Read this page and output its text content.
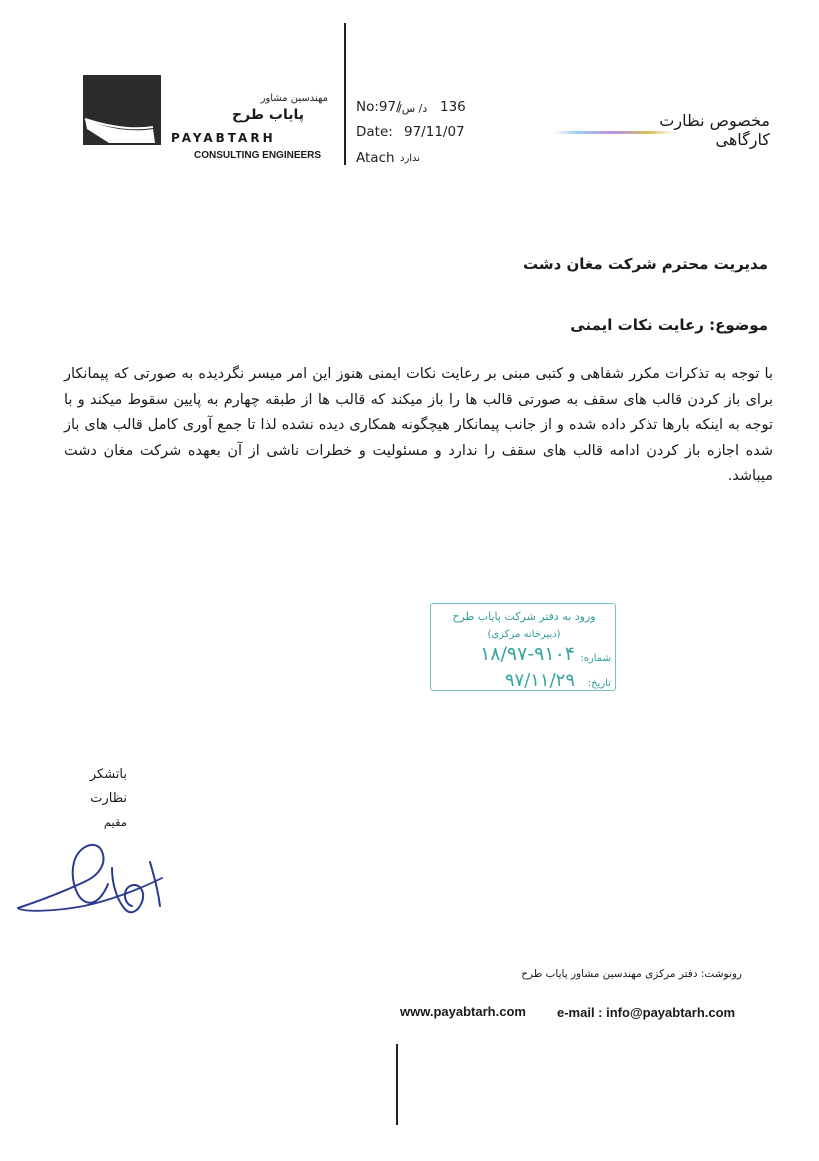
مهندسین مشاور
پایاب طرح
PAYABTARH
CONSULTING ENGINEERS
No:97/
د/ س/ 136
Date: 97/11/07
Atach ندارد
مخصوص نظارت کارگاهی
مدیریت محترم شرکت مغان دشت
موضوع: رعایت نکات ایمنی
با توجه به تذکرات مکرر شفاهی و کتبی مبنی بر رعایت نکات ایمنی هنوز این امر میسر نگردیده به صورتی که پیمانکار برای باز کردن قالب های سقف به صورتی قالب ها را باز میکند که قالب ها از طبقه چهارم به پایین سقوط میکند و با توجه به اینکه بارها تذکر داده شده و از جانب پیمانکار هیچگونه همکاری دیده نشده لذا تا جمع آوری کامل قالب های باز شده اجازه باز کردن ادامه قالب های سقف را ندارد و مسئولیت و خطرات ناشی از آن بعهده شرکت مغان دشت میباشد.
ورود به دفتر شرکت پایاب طرح
(دبیرخانه مرکزی)
شماره:
۱۸/۹۷-۹۱۰۴
تاریخ:
۹۷/۱۱/۲۹
باتشکر
نظارت
مقیم
رونوشت: دفتر مرکزی مهندسین مشاور پایاب طرح
www.payabtarh.com e-mail : info@payabtarh.com
